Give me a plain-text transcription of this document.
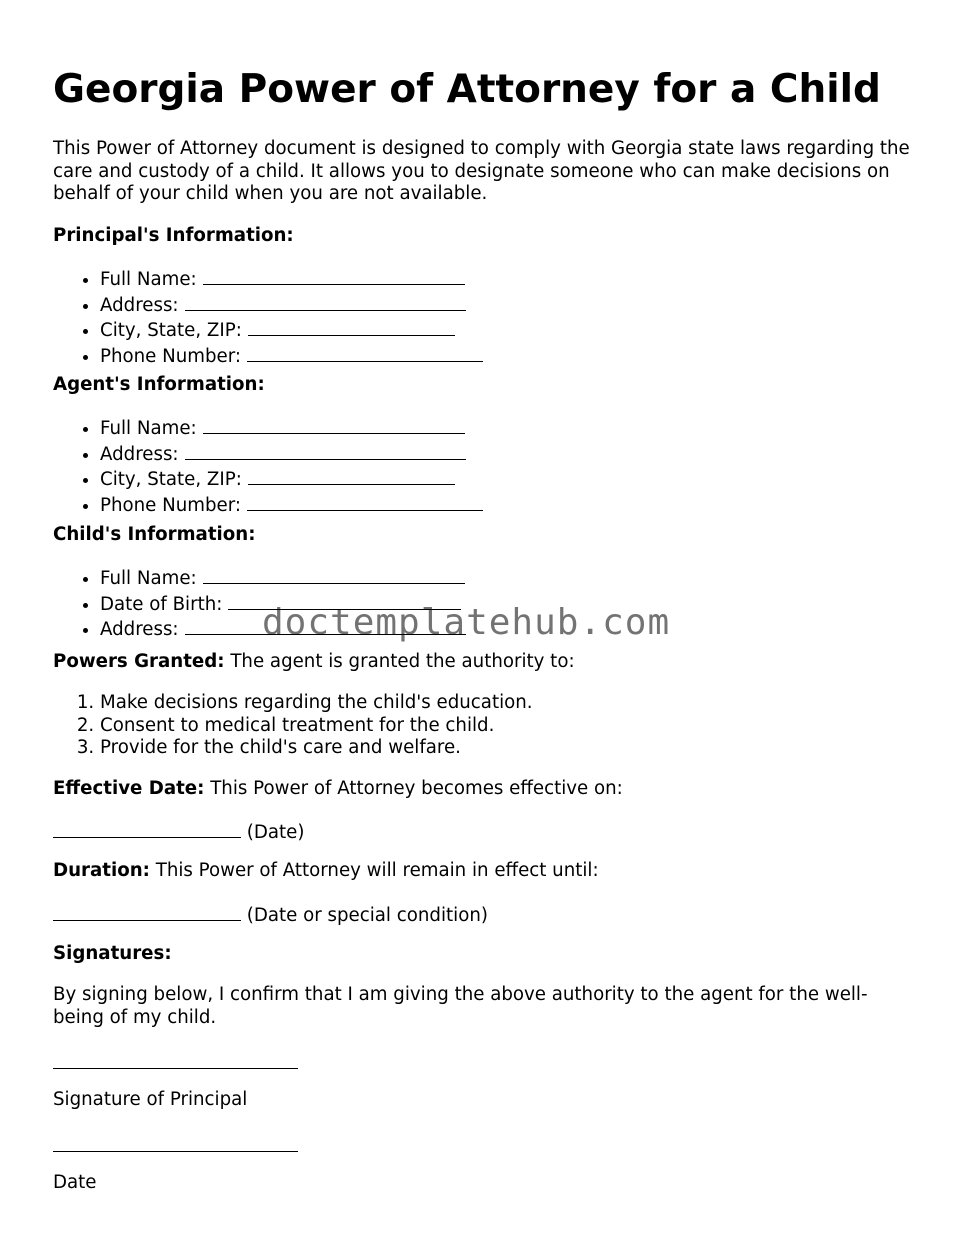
Georgia Power of Attorney for a Child

This Power of Attorney document is designed to comply with Georgia state laws regarding the care and custody of a child. It allows you to designate someone who can make decisions on behalf of your child when you are not available.

Principal's Information:

• Full Name:
• Address:
• City, State, ZIP:
• Phone Number:

Agent's Information:

• Full Name:
• Address:
• City, State, ZIP:
• Phone Number:

Child's Information:

• Full Name:
• Date of Birth:
• Address:

Powers Granted: The agent is granted the authority to:

1. Make decisions regarding the child's education.
2. Consent to medical treatment for the child.
3. Provide for the child's care and welfare.

Effective Date: This Power of Attorney becomes effective on:

(Date)

Duration: This Power of Attorney will remain in effect until:

(Date or special condition)

Signatures:

By signing below, I confirm that I am giving the above authority to the agent for the well-being of my child.

Signature of Principal

Date

doctemplatehub.com
